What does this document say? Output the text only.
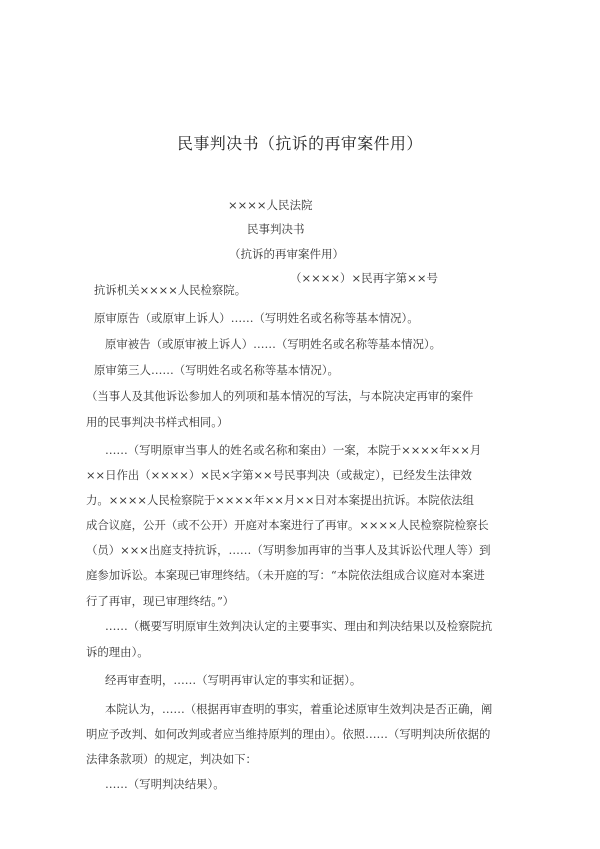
民事判决书（抗诉的再审案件用）
××××人民法院
民事判决书
（抗诉的再审案件用）
（××××）×民再字第××号
抗诉机关××××人民检察院。
原审原告（或原审上诉人）……（写明姓名或名称等基本情况）。
原审被告（或原审被上诉人）……（写明姓名或名称等基本情况）。
原审第三人……（写明姓名或名称等基本情况）。
（当事人及其他诉讼参加人的列项和基本情况的写法，与本院决定再审的案件
用的民事判决书样式相同。）
……（写明原审当事人的姓名或名称和案由）一案，本院于××××年××月
××日作出（××××）×民×字第××号民事判决（或裁定），已经发生法律效
力。××××人民检察院于××××年××月××日对本案提出抗诉。本院依法组
成合议庭，公开（或不公开）开庭对本案进行了再审。××××人民检察院检察长
（员）×××出庭支持抗诉，……（写明参加再审的当事人及其诉讼代理人等）到
庭参加诉讼。本案现已审理终结。（未开庭的写：“本院依法组成合议庭对本案进
行了再审，现已审理终结。”）
……（概要写明原审生效判决认定的主要事实、理由和判决结果以及检察院抗
诉的理由）。
经再审查明，……（写明再审认定的事实和证据）。
本院认为，……（根据再审查明的事实，着重论述原审生效判决是否正确，阐
明应予改判、如何改判或者应当维持原判的理由）。依照……（写明判决所依据的
法律条款项）的规定，判决如下：
……（写明判决结果）。
